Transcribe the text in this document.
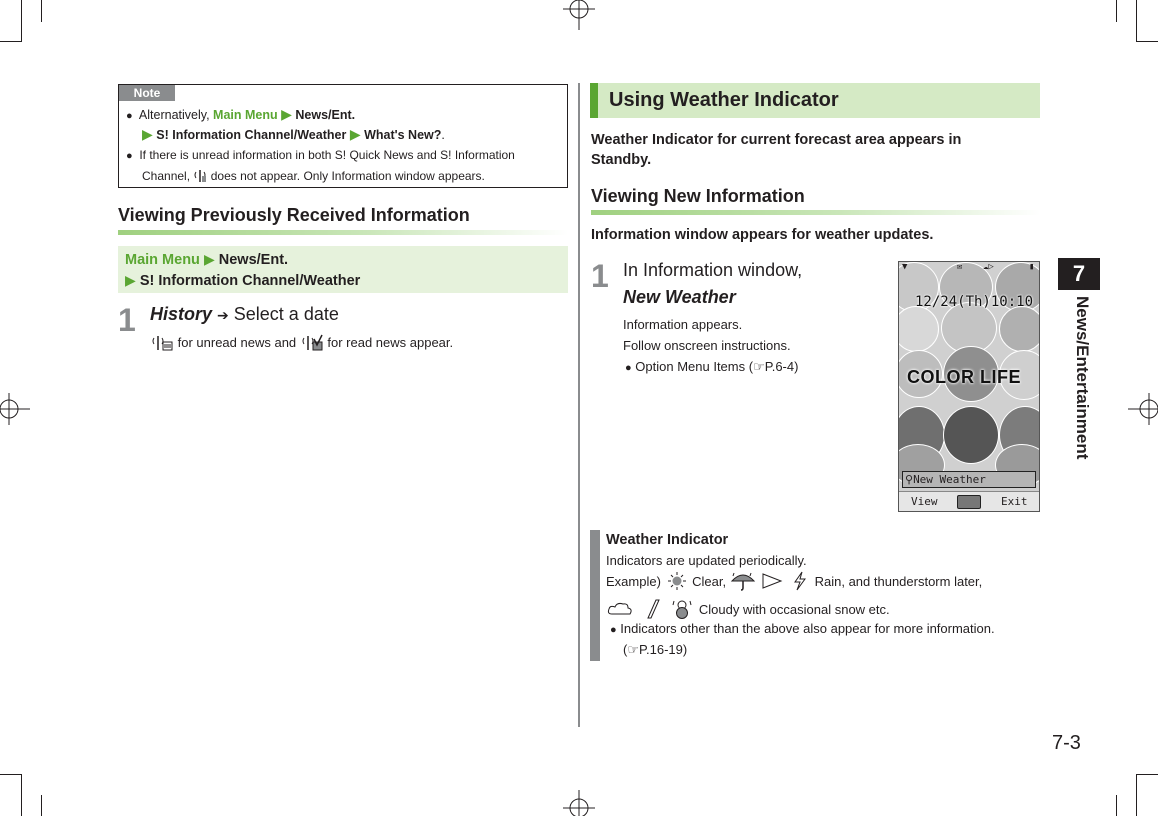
Note
● Alternatively, Main Menu ▶ News/Ent.
▶ S! Information Channel/Weather ▶ What's New?.
● If there is unread information in both S! Quick News and S! Information
Channel,  does not appear. Only Information window appears.
Viewing Previously Received Information
Main Menu ▶ News/Ent.
▶ S! Information Channel/Weather
1 History ➔ Select a date
for unread news and  for read news appear.
Using Weather Indicator
Weather Indicator for current forecast area appears in Standby.
Viewing New Information
Information window appears for weather updates.
1 In Information window,
New Weather
Information appears.
Follow onscreen instructions.
● Option Menu Items (☞P.6-4)
▼	✉ ☁▷	▮
12/24(Th)10:10
COLOR LIFE
⚲New Weather
View	Exit
Weather Indicator
Indicators are updated periodically.
Example)  Clear,	Rain, and thunderstorm later,
Cloudy with occasional snow etc.
● Indicators other than the above also appear for more information.
(☞P.16-19)
7
News/Entertainment
7-3
